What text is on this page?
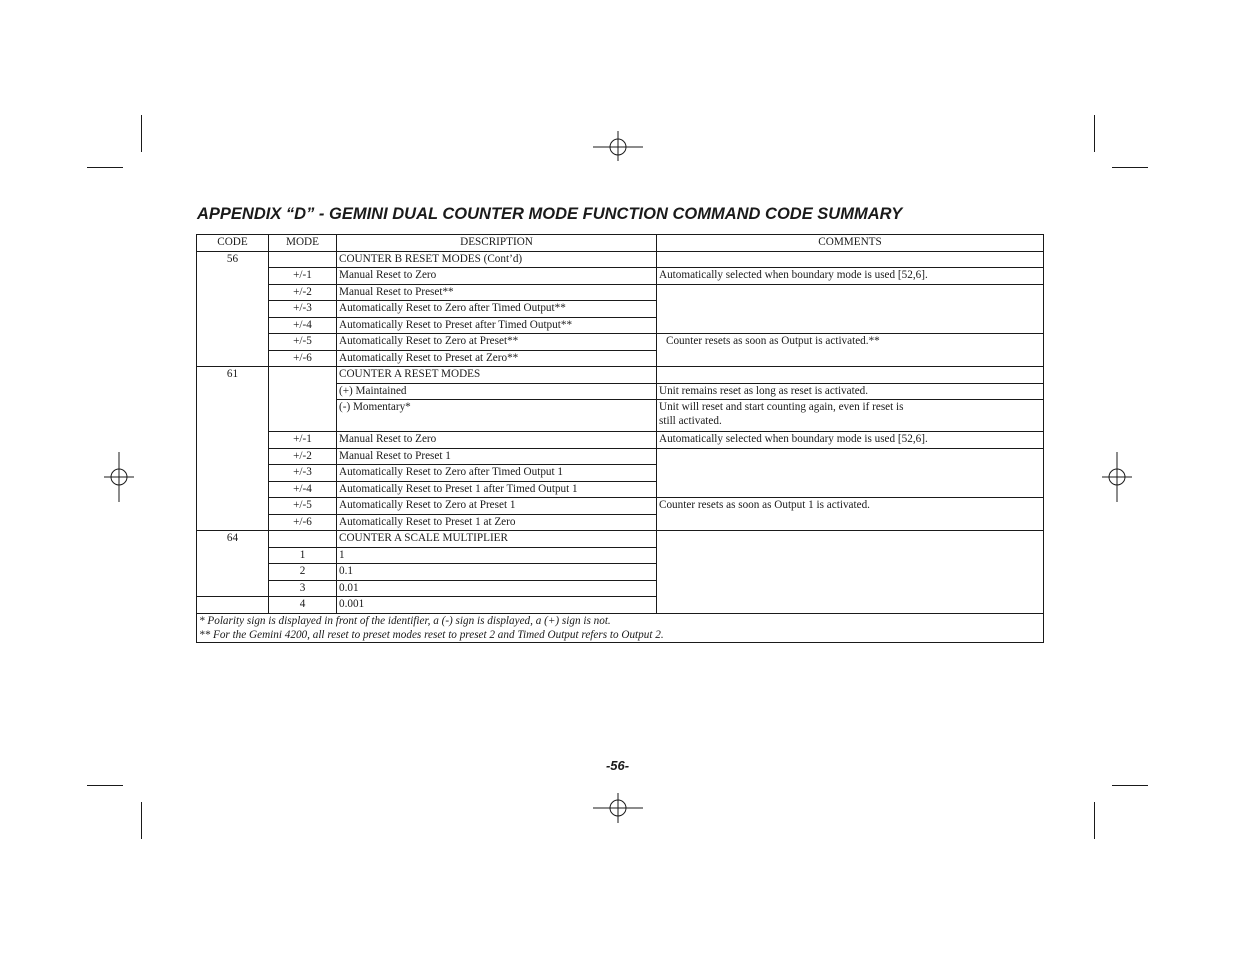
APPENDIX “D” - GEMINI DUAL COUNTER MODE FUNCTION COMMAND CODE SUMMARY
CODE	MODE	DESCRIPTION	COMMENTS
56		COUNTER B RESET MODES (Cont’d)	
	+/-1	Manual Reset to Zero	Automatically selected when boundary mode is used [52,6].
	+/-2	Manual Reset to Preset**	
	+/-3	Automatically Reset to Zero after Timed Output**	
	+/-4	Automatically Reset to Preset after Timed Output**	
	+/-5	Automatically Reset to Zero at Preset**	Counter resets as soon as Output is activated.**
	+/-6	Automatically Reset to Preset at Zero**	
61		COUNTER A RESET MODES	
		(+) Maintained	Unit remains reset as long as reset is activated.
		(-) Momentary*	Unit will reset and start counting again, even if reset is
still activated.
	+/-1	Manual Reset to Zero	Automatically selected when boundary mode is used [52,6].
	+/-2	Manual Reset to Preset 1	
	+/-3	Automatically Reset to Zero after Timed Output 1	
	+/-4	Automatically Reset to Preset 1 after Timed Output 1	
	+/-5	Automatically Reset to Zero at Preset 1	Counter resets as soon as Output 1 is activated.
	+/-6	Automatically Reset to Preset 1 at Zero	
64		COUNTER A SCALE MULTIPLIER	
	1	1	
	2	0.1	
	3	0.01	
	4	0.001	

* Polarity sign is displayed in front of the identifier, a (-) sign is displayed, a (+) sign is not.
** For the Gemini 4200, all reset to preset modes reset to preset 2 and Timed Output refers to Output 2.			
-56-
